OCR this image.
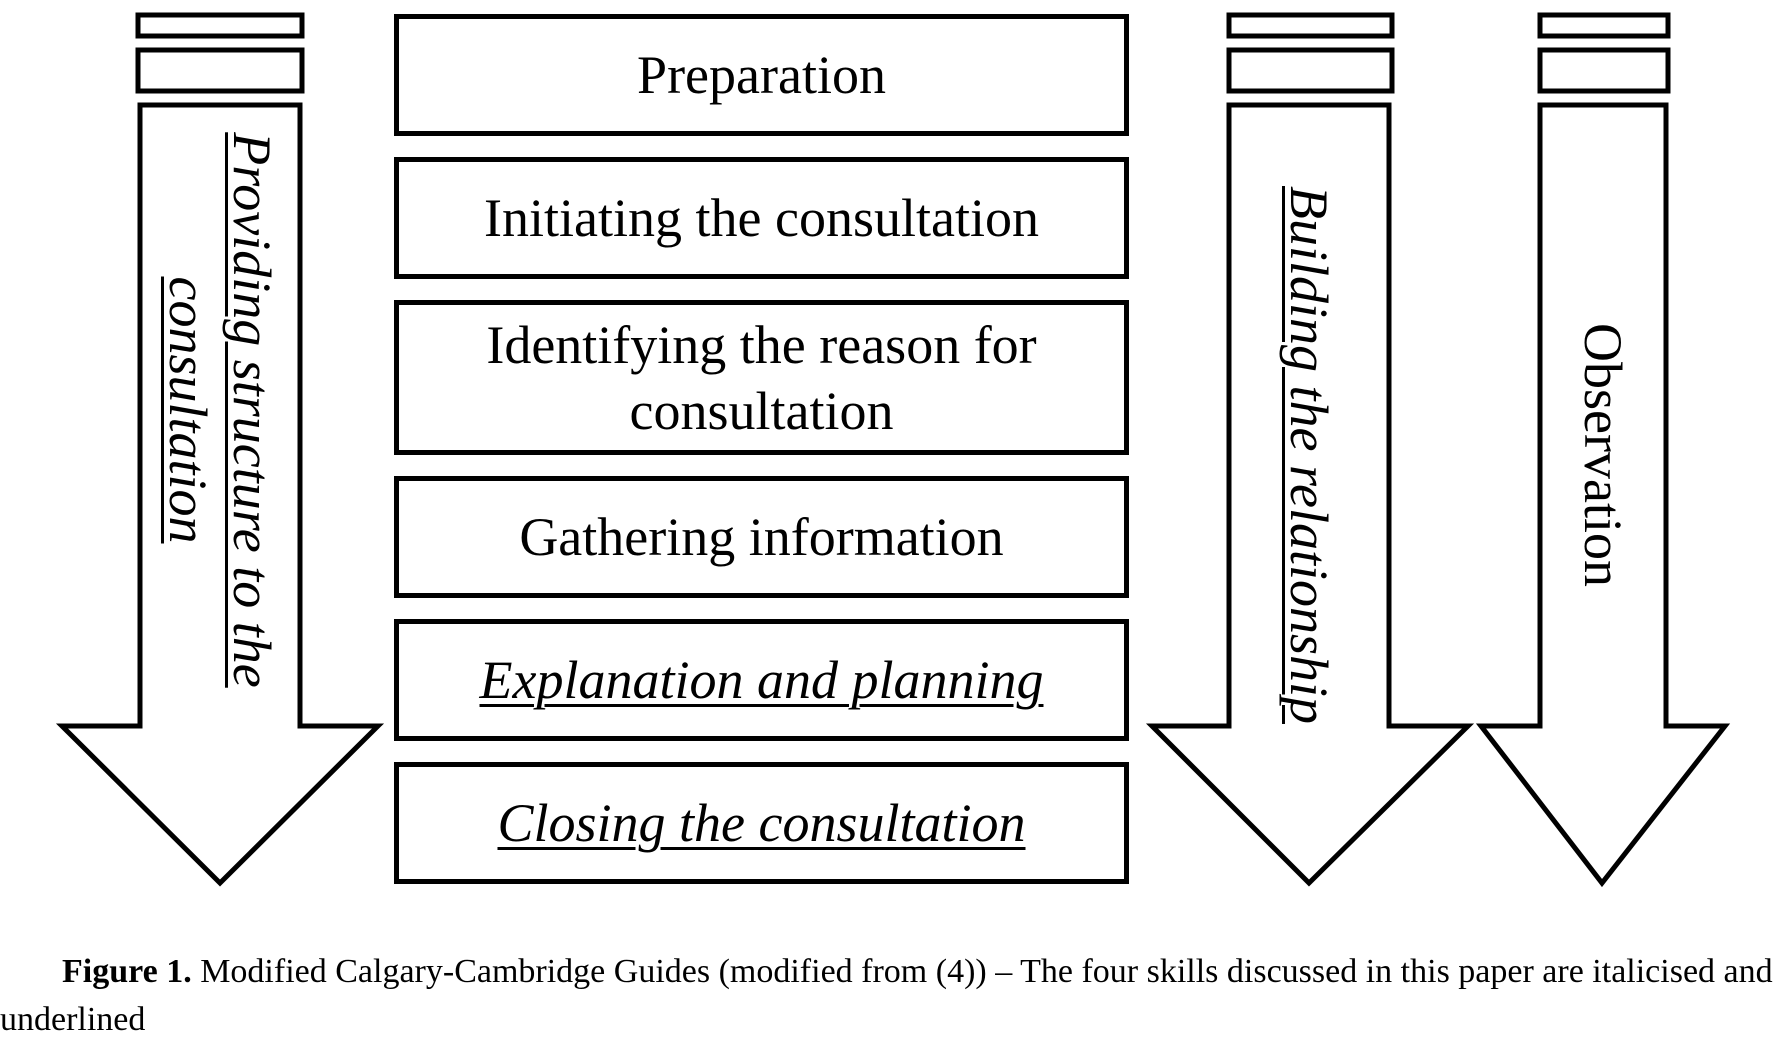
Preparation
Initiating the consultation
Identifying the reason for consultation
Gathering information
Explanation and planning
Closing the consultation
Providing structure to the
consultation	Building the relationship	Observation
Figure 1. Modified Calgary-Cambridge Guides (modified from (4)) – The four skills discussed in this paper are italicised and underlined
